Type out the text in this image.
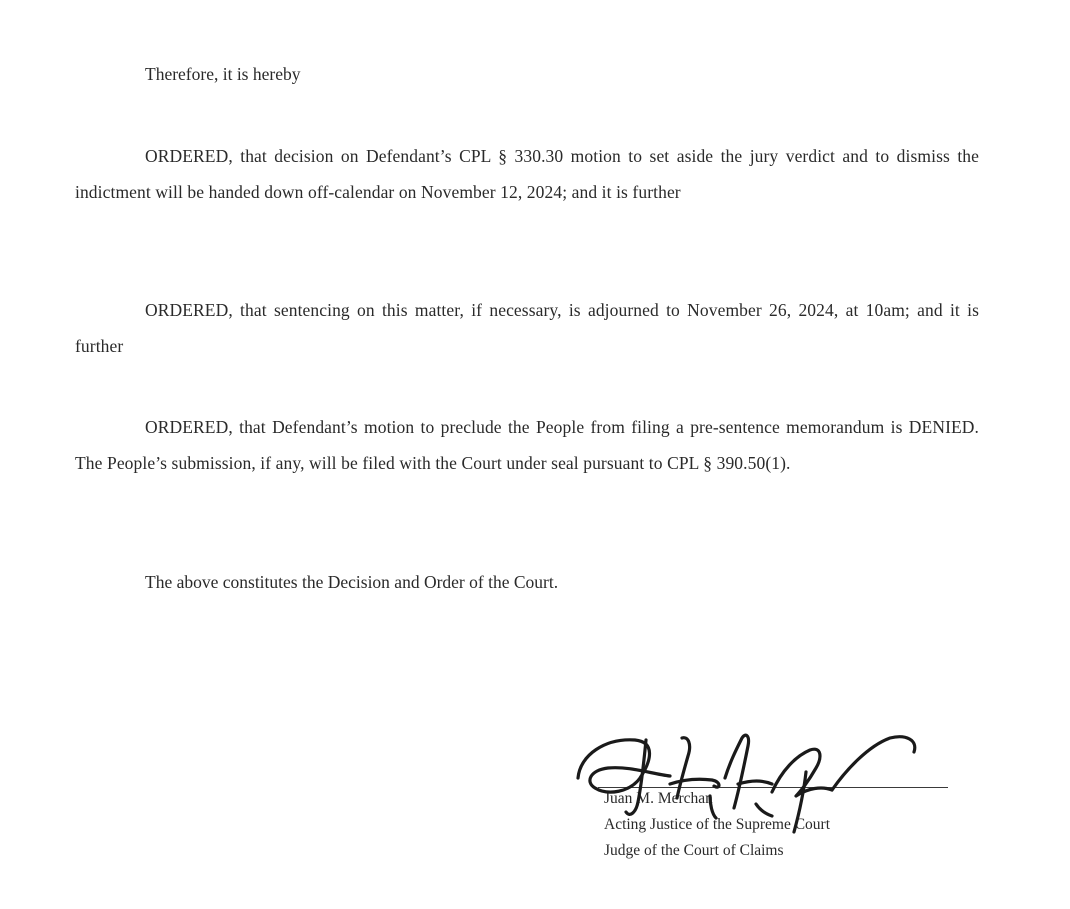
Therefore, it is hereby

ORDERED, that decision on Defendant’s CPL § 330.30 motion to set aside the jury verdict and to dismiss the indictment will be handed down off-calendar on November 12, 2024; and it is further

ORDERED, that sentencing on this matter, if necessary, is adjourned to November 26, 2024, at 10am; and it is further

ORDERED, that Defendant’s motion to preclude the People from filing a pre-sentence memorandum is DENIED. The People’s submission, if any, will be filed with the Court under seal pursuant to CPL § 390.50(1).

The above constitutes the Decision and Order of the Court.

Juan M. Merchan
Acting Justice of the Supreme Court
Judge of the Court of Claims
